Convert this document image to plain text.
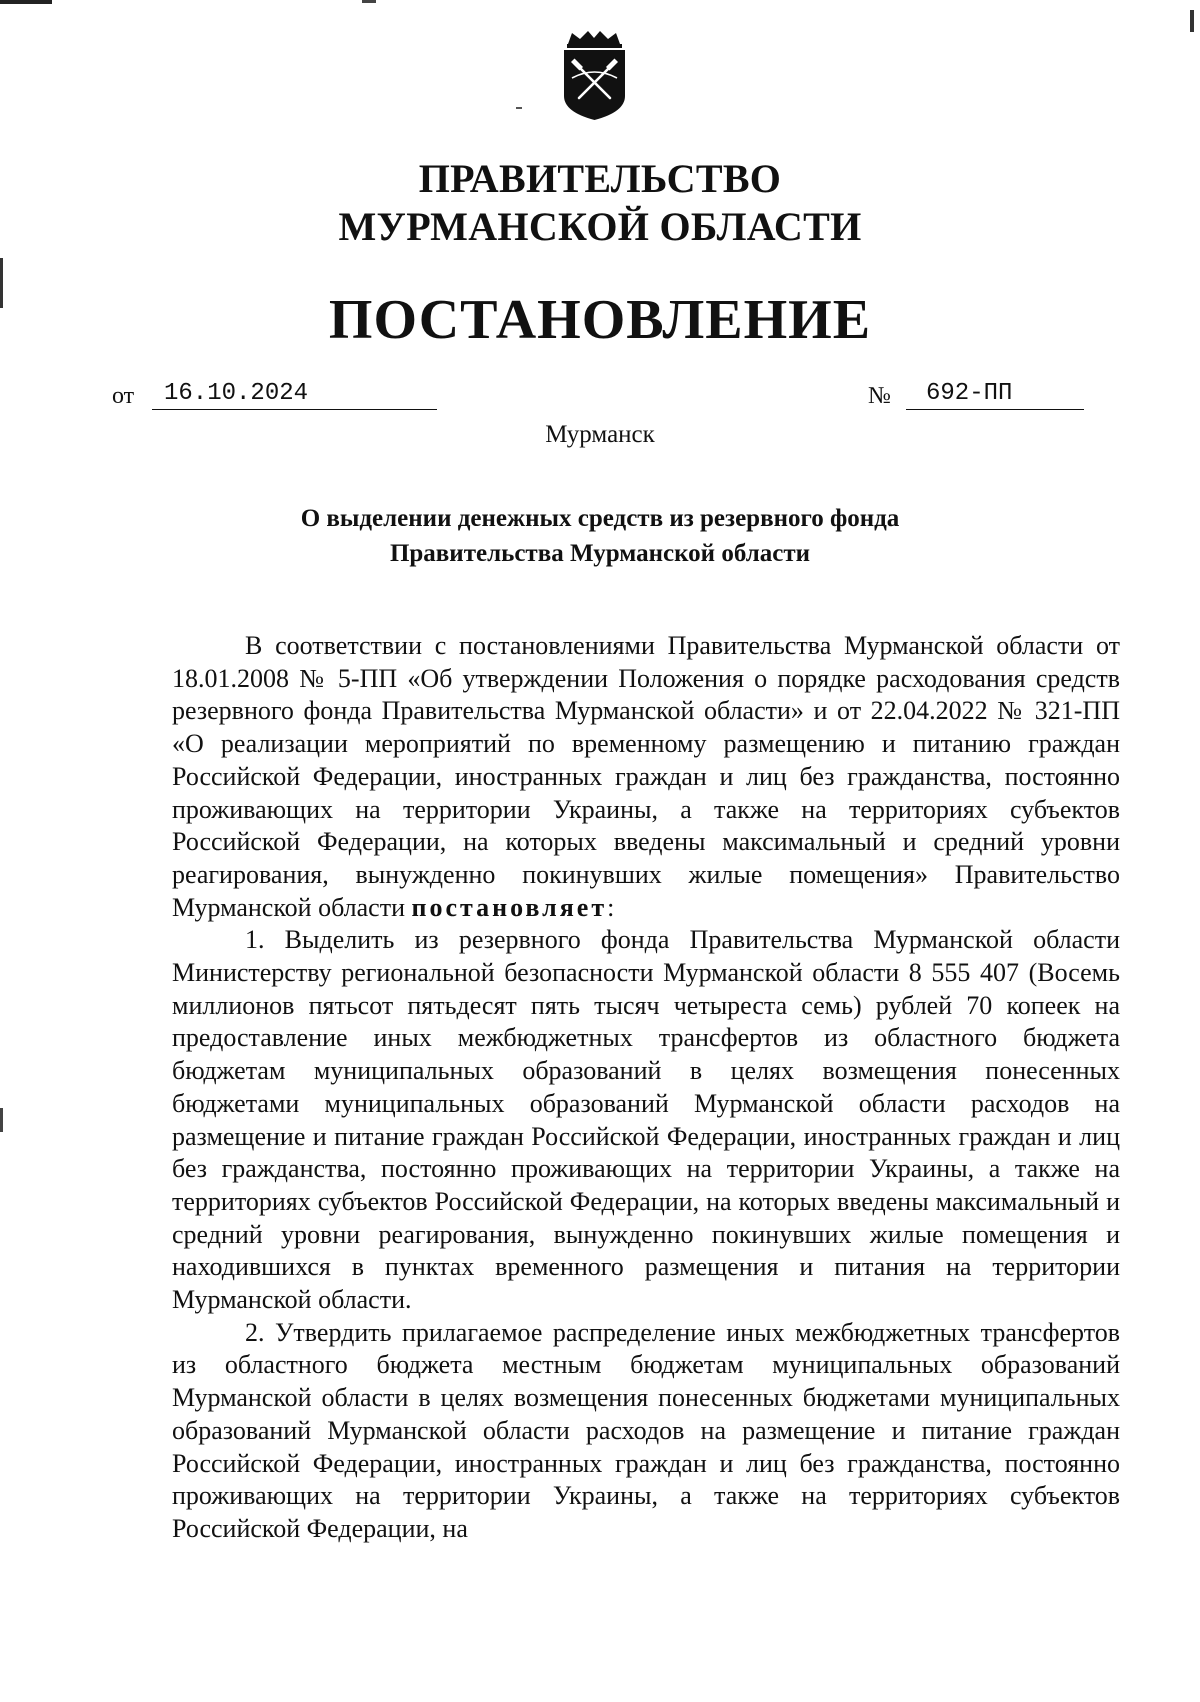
ПРАВИТЕЛЬСТВО
МУРМАНСКОЙ ОБЛАСТИ
ПОСТАНОВЛЕНИЕ
от	16.10.2024	№	692-ПП
Мурманск
О выделении денежных средств из резервного фонда
Правительства Мурманской области

В соответствии с постановлениями Правительства Мурманской области от 18.01.2008 № 5-ПП «Об утверждении Положения о порядке расходования средств резервного фонда Правительства Мурманской области» и от 22.04.2022 № 321-ПП «О реализации мероприятий по временному размещению и питанию граждан Российской Федерации, иностранных граждан и лиц без гражданства, постоянно проживающих на территории Украины, а также на территориях субъектов Российской Федерации, на которых введены максимальный и средний уровни реагирования, вынужденно покинувших жилые помещения» Правительство Мурманской области постановляет:

1. Выделить из резервного фонда Правительства Мурманской области Министерству региональной безопасности Мурманской области 8 555 407 (Восемь миллионов пятьсот пятьдесят пять тысяч четыреста семь) рублей 70 копеек на предоставление иных межбюджетных трансфертов из областного бюджета бюджетам муниципальных образований в целях возмещения понесенных бюджетами муниципальных образований Мурманской области расходов на размещение и питание граждан Российской Федерации, иностранных граждан и лиц без гражданства, постоянно проживающих на территории Украины, а также на территориях субъектов Российской Федерации, на которых введены максимальный и средний уровни реагирования, вынужденно покинувших жилые помещения и находившихся в пунктах временного размещения и питания на территории Мурманской области.

2. Утвердить прилагаемое распределение иных межбюджетных трансфертов из областного бюджета местным бюджетам муниципальных образований Мурманской области в целях возмещения понесенных бюджетами муниципальных образований Мурманской области расходов на размещение и питание граждан Российской Федерации, иностранных граждан и лиц без гражданства, постоянно проживающих на территории Украины, а также на территориях субъектов Российской Федерации, на
